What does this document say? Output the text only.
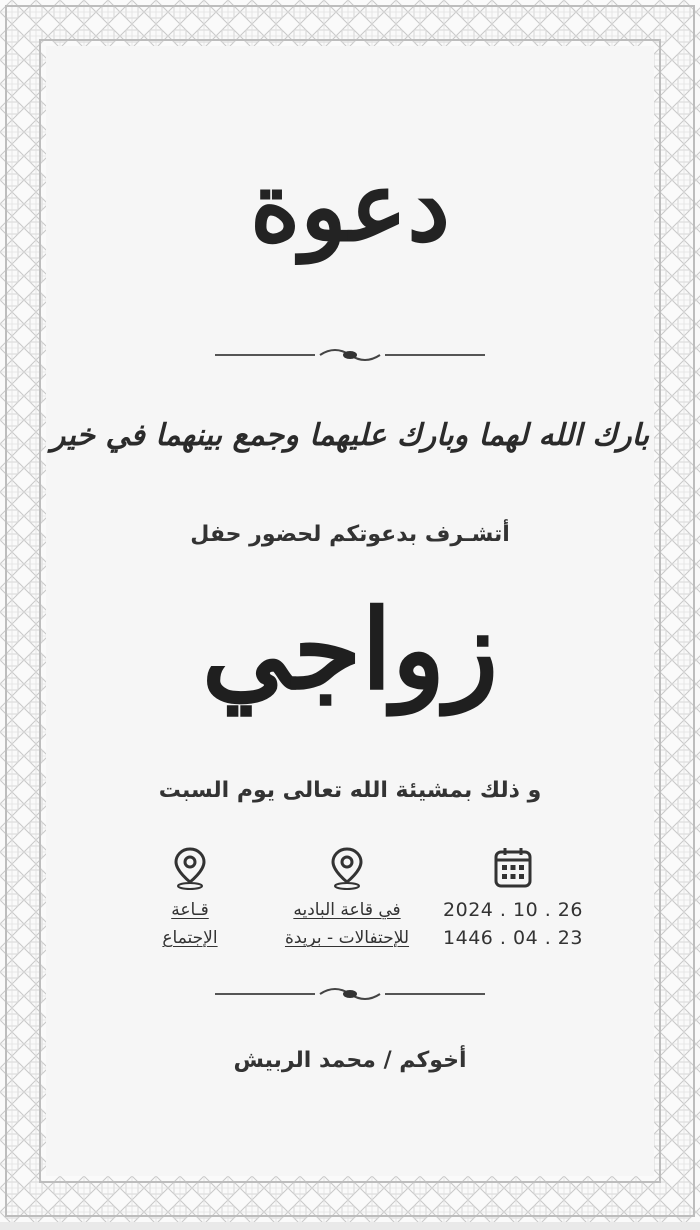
دعوة
بارك الله لهما وبارك عليهما وجمع بينهما في خير
أتشـرف بدعوتكم لحضور حفل
زواجي
و ذلك بمشيئة الله تعالى يوم السبت
2024 . 10 . 26
1446 . 04 . 23
في قاعة الباديه
للإحتفالات - بريدة
قـاعة
الإجتماع
أخوكم / محمد الربيش
